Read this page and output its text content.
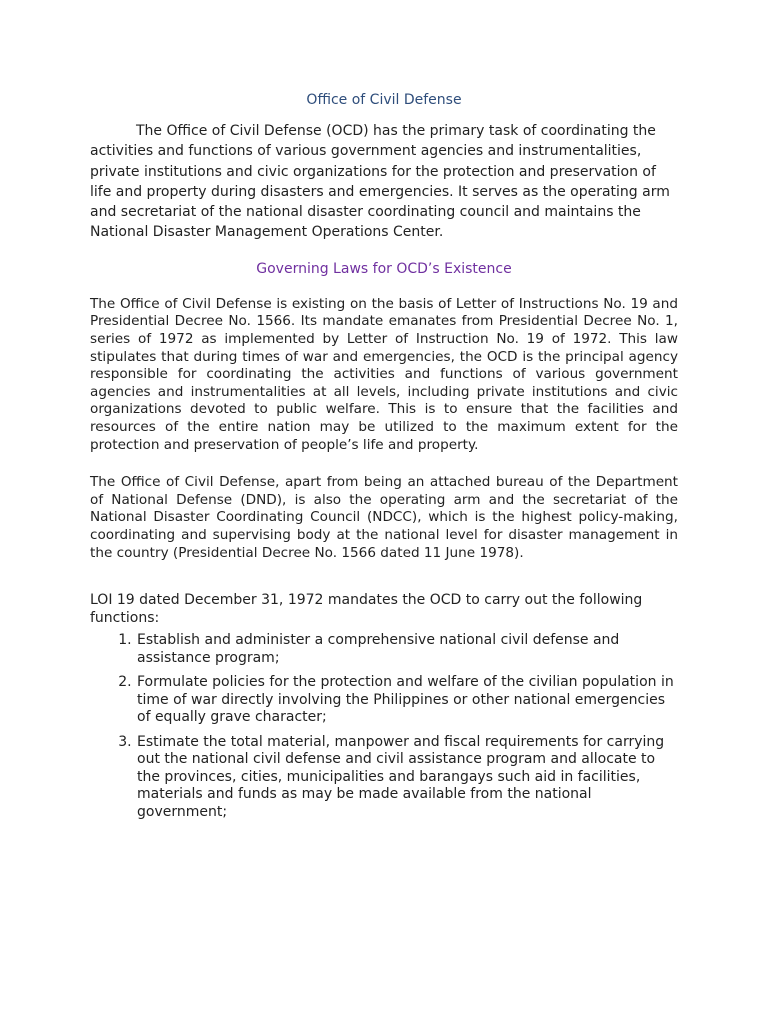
Office of Civil Defense

The Office of Civil Defense (OCD) has the primary task of coordinating the activities and functions of various government agencies and instrumentalities, private institutions and civic organizations for the protection and preservation of life and property during disasters and emergencies. It serves as the operating arm and secretariat of the national disaster coordinating council and maintains the National Disaster Management Operations Center.

Governing Laws for OCD’s Existence

The Office of Civil Defense is existing on the basis of Letter of Instructions No. 19 and Presidential Decree No. 1566. Its mandate emanates from Presidential Decree No. 1, series of 1972 as implemented by Letter of Instruction No. 19 of 1972. This law stipulates that during times of war and emergencies, the OCD is the principal agency responsible for coordinating the activities and functions of various government agencies and instrumentalities at all levels, including private institutions and civic organizations devoted to public welfare. This is to ensure that the facilities and resources of the entire nation may be utilized to the maximum extent for the protection and preservation of people’s life and property.

The Office of Civil Defense, apart from being an attached bureau of the Department of National Defense (DND), is also the operating arm and the secretariat of the National Disaster Coordinating Council (NDCC), which is the highest policy-making, coordinating and supervising body at the national level for disaster management in the country (Presidential Decree No. 1566 dated 11 June 1978).

LOI 19 dated December 31, 1972 mandates the OCD to carry out the following functions:

1. Establish and administer a comprehensive national civil defense and assistance program;
2. Formulate policies for the protection and welfare of the civilian population in time of war directly involving the Philippines or other national emergencies of equally grave character;
3. Estimate the total material, manpower and fiscal requirements for carrying out the national civil defense and civil assistance program and allocate to the provinces, cities, municipalities and barangays such aid in facilities, materials and funds as may be made available from the national government;
